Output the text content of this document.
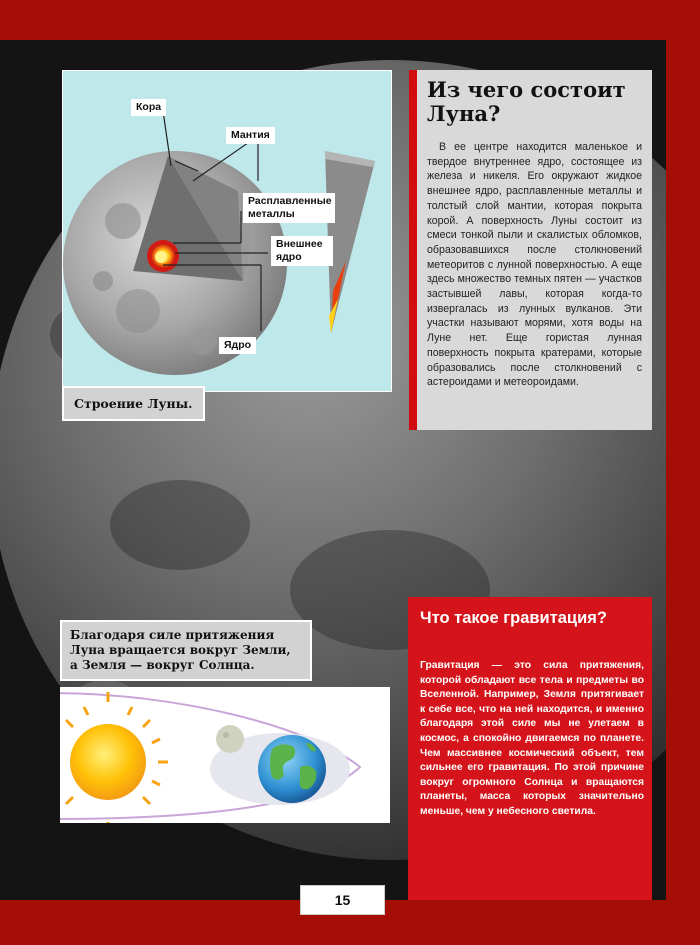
Кора
Мантия
Расплавленные металлы
Внешнее ядро
Ядро
Строение Луны.
Из чего состоит Луна?

В ее центре находится маленькое и твердое внутреннее ядро, состоящее из железа и никеля. Его окружают жидкое внешнее ядро, расплавленные металлы и толстый слой мантии, которая покрыта корой. А поверхность Луны состоит из смеси тонкой пыли и скалистых обломков, образовавшихся после столкновений метеоритов с лунной поверхностью. А еще здесь множество темных пятен — участков застывшей лавы, которая когда-то извергалась из лунных вулканов. Эти участки называют морями, хотя воды на Луне нет. Еще гористая лунная поверхность покрыта кратерами, которые образовались после столкновений с астероидами и метеороидами.

Благодаря силе притяжения Луна вращается вокруг Земли, а Земля — вокруг Солнца.
Что такое гравитация?

Гравитация — это сила притяжения, которой обладают все тела и предметы во Вселенной. Например, Земля притягивает к себе все, что на ней находится, и именно благодаря этой силе мы не улетаем в космос, а спокойно двигаемся по планете. Чем массивнее космический объект, тем сильнее его гравитация. По этой причине вокруг огромного Солнца и вращаются планеты, масса которых значительно меньше, чем у небесного светила.

15
